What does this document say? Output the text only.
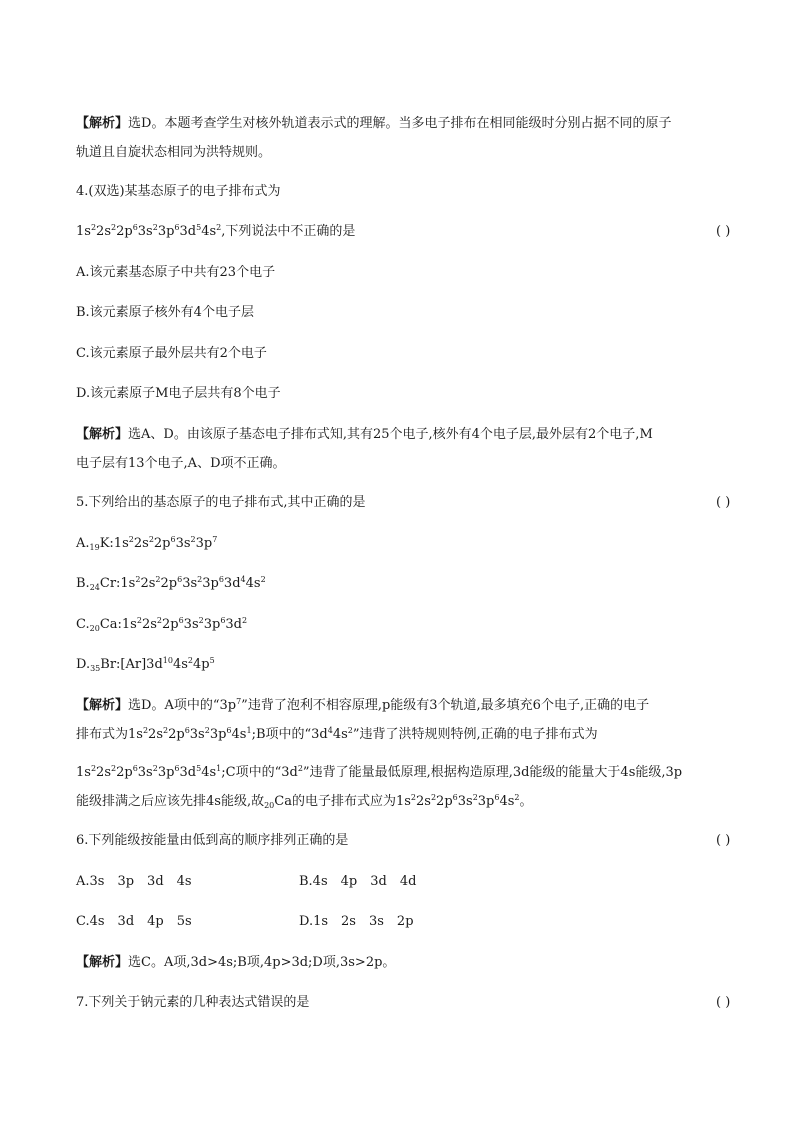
【解析】选D。本题考查学生对核外轨道表示式的理解。当多电子排布在相同能级时分别占据不同的原子
轨道且自旋状态相同为洪特规则。
4.(双选)某基态原子的电子排布式为
$1s^22s^22p^63s^23p^63d^54s^2$,下列说法中不正确的是	( )
A.该元素基态原子中共有23个电子
B.该元素原子核外有4个电子层
C.该元素原子最外层共有2个电子
D.该元素原子M电子层共有8个电子
【解析】选A、D。由该原子基态电子排布式知,其有25个电子,核外有4个电子层,最外层有2个电子,M
电子层有13个电子,A、D项不正确。
5.下列给出的基态原子的电子排布式,其中正确的是	( )
$A._{19}K:1s^22s^22p^63s^23p^7$
$B._{24}Cr:1s^22s^22p^63s^23p^63d^44s^2$
$C._{20}Ca:1s^22s^22p^63s^23p^63d^2$
$D._{35}Br:[Ar]3d^{10}4s^24p^5$
【解析】选D。A项中的“$3p^7$”违背了泡利不相容原理,p能级有3个轨道,最多填充6个电子,正确的电子
排布式为$1s^22s^22p^63s^23p^64s^1;B$项中的“$3d^44s^2$”违背了洪特规则特例,正确的电子排布式为
$1s^22s^22p^63s^23p^63d^54s^1;C$项中的“$3d^2$”违背了能量最低原理,根据构造原理,3d能级的能量大于4s能级,3p
能级排满之后应该先排4s能级,故$_{20}$Ca的电子排布式应为$1s^22s^22p^63s^23p^64s^2$。
6.下列能级按能量由低到高的顺序排列正确的是	( )
A.3s　3p　3d　4s	B.4s　4p　3d　4d
C.4s　3d　4p　5s	D.1s　2s　3s　2p
【解析】选C。A项,3d>4s;B项,4p>3d;D项,3s>2p。
7.下列关于钠元素的几种表达式错误的是	( )
